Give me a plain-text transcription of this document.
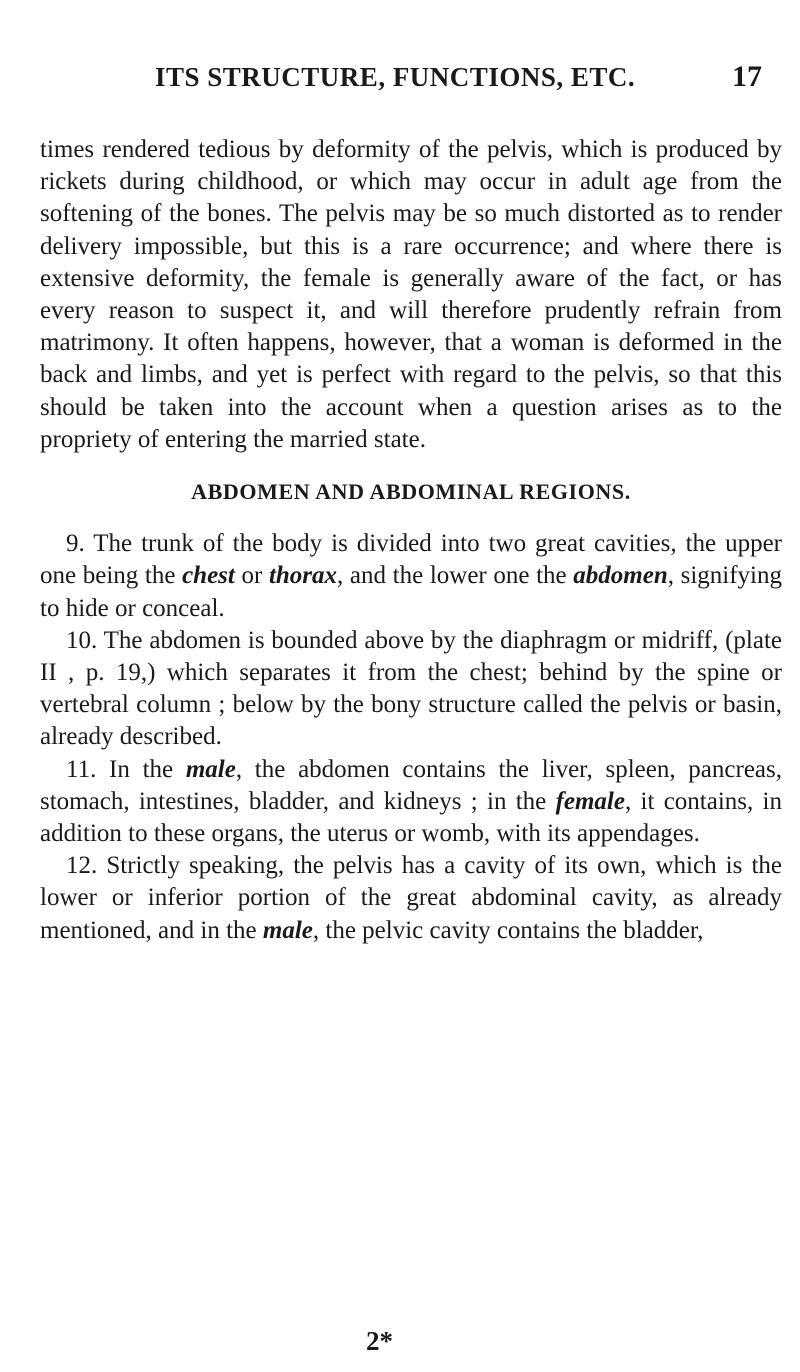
ITS STRUCTURE, FUNCTIONS, ETC.	17

times rendered tedious by deformity of the pelvis, which is produced by rickets during childhood, or which may occur in adult age from the softening of the bones. The pelvis may be so much distorted as to render delivery impossible, but this is a rare occurrence; and where there is extensive deformity, the female is generally aware of the fact, or has every reason to suspect it, and will therefore prudently refrain from matrimony. It often happens, however, that a woman is deformed in the back and limbs, and yet is perfect with regard to the pelvis, so that this should be taken into the account when a question arises as to the propriety of entering the married state.

ABDOMEN AND ABDOMINAL REGIONS.

9. The trunk of the body is divided into two great cavities, the upper one being the chest or thorax, and the lower one the abdomen, signifying to hide or conceal.

10. The abdomen is bounded above by the diaphragm or midriff, (plate II , p. 19,) which separates it from the chest; behind by the spine or vertebral column ; below by the bony structure called the pelvis or basin, already described.

11. In the male, the abdomen contains the liver, spleen, pancreas, stomach, intestines, bladder, and kidneys ; in the female, it contains, in addition to these organs, the uterus or womb, with its appendages.

12. Strictly speaking, the pelvis has a cavity of its own, which is the lower or inferior portion of the great abdominal cavity, as already mentioned, and in the male, the pelvic cavity contains the bladder,

2*
